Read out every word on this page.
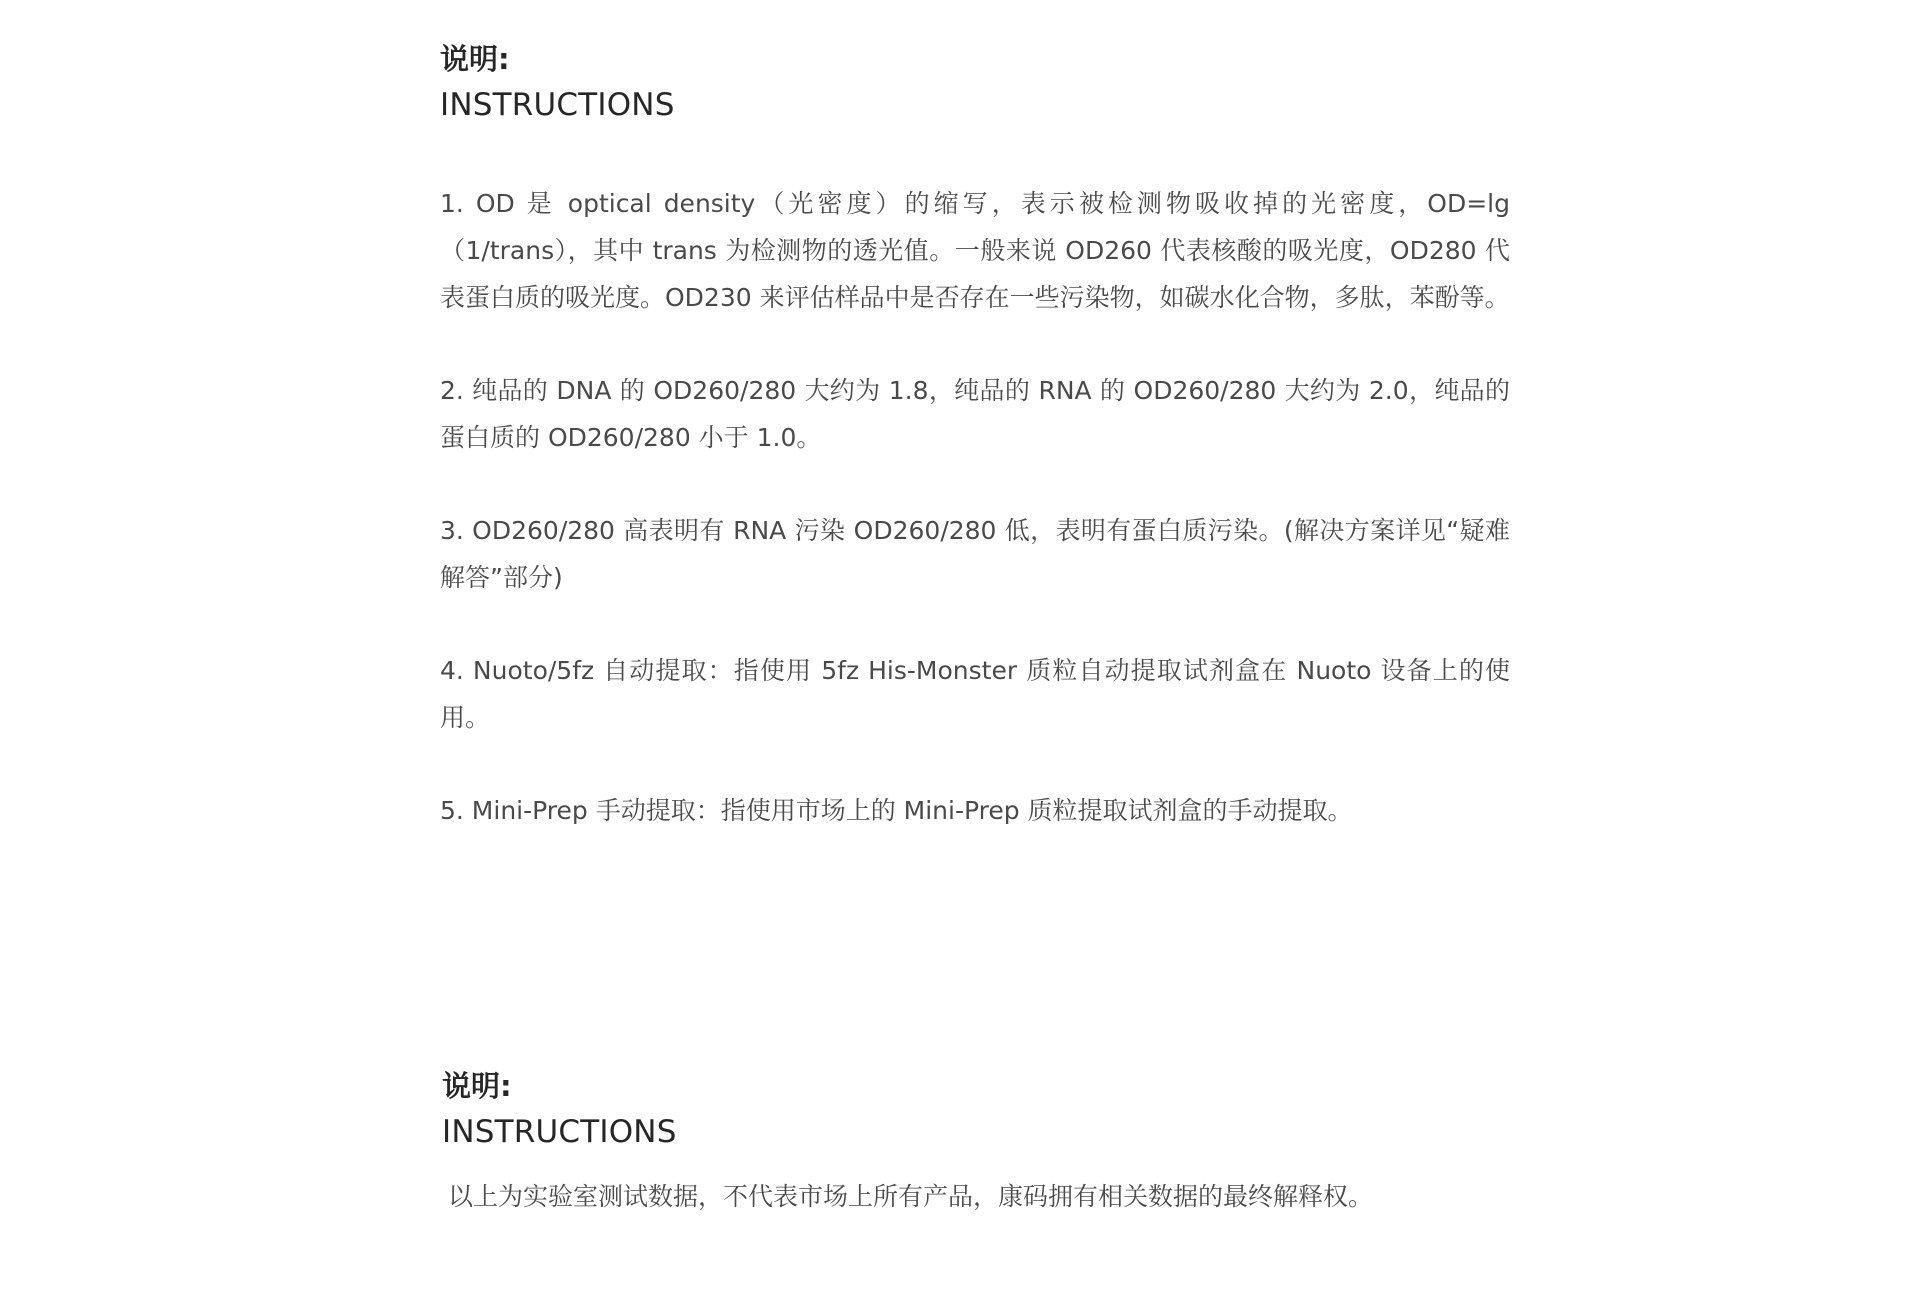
说明:

INSTRUCTIONS

1. OD 是 optical density（光密度）的缩写，表示被检测物吸收掉的光密度，OD=lg（1/trans），其中 trans 为检测物的透光值。一般来说 OD260 代表核酸的吸光度，OD280 代表蛋白质的吸光度。OD230 来评估样品中是否存在一些污染物，如碳水化合物，多肽，苯酚等。

2. 纯品的 DNA 的 OD260/280 大约为 1.8，纯品的 RNA 的 OD260/280 大约为 2.0，纯品的蛋白质的 OD260/280 小于 1.0。

3. OD260/280 高表明有 RNA 污染 OD260/280 低，表明有蛋白质污染。(解决方案详见“疑难解答”部分)

4. Nuoto/5fz 自动提取：指使用 5fz His-Monster 质粒自动提取试剂盒在 Nuoto 设备上的使用。

5. Mini-Prep 手动提取：指使用市场上的 Mini-Prep 质粒提取试剂盒的手动提取。

说明:

INSTRUCTIONS

以上为实验室测试数据，不代表市场上所有产品，康码拥有相关数据的最终解释权。
